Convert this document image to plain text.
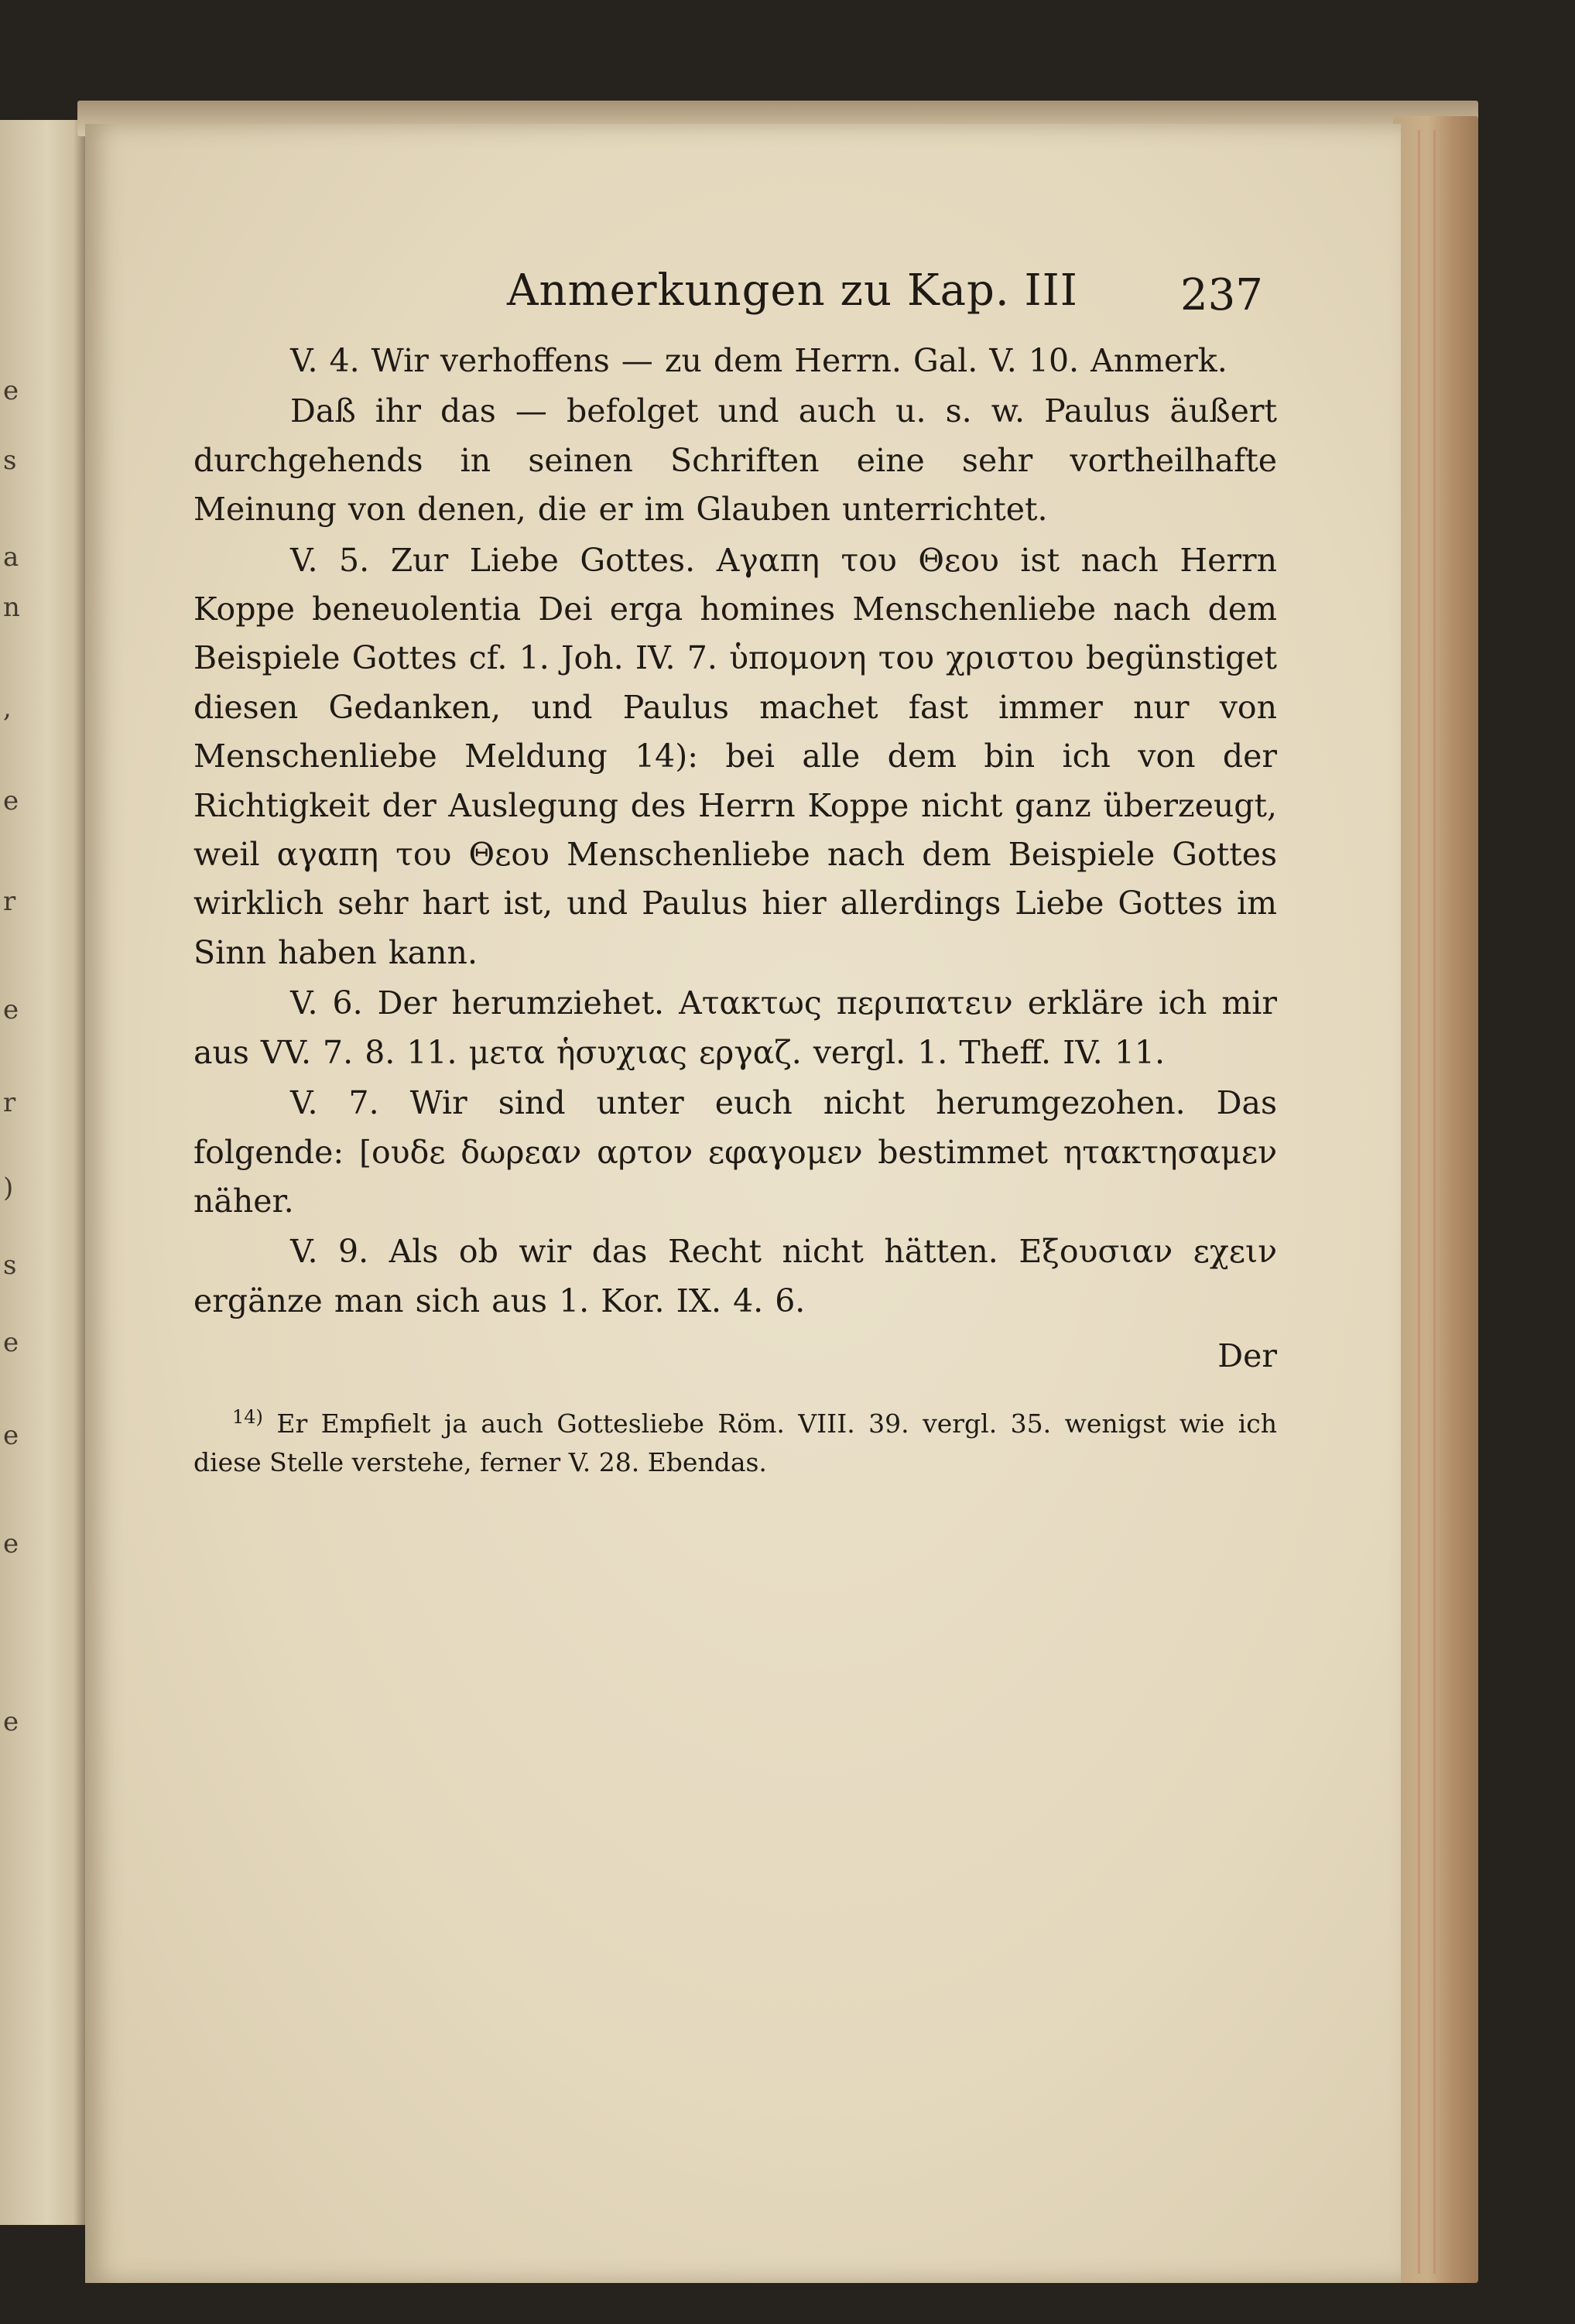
e
s
a
n
,
e
r
e
r
)
s
e
e
e
e
Anmerkungen zu Kap. III 237

V. 4. Wir verhoffens — zu dem Herrn. Gal. V. 10. Anmerk.

Daß ihr das — befolget und auch u. s. w. Paulus äußert durchgehends in seinen Schriften eine sehr vortheilhafte Meinung von denen, die er im Glauben unterrichtet.

V. 5. Zur Liebe Gottes. Αγαπη του Θεου ist nach Herrn Koppe beneuolentia Dei erga homines Menschenliebe nach dem Beispiele Gottes cf. 1. Joh. IV. 7. ὑπομονη του χριστου begünstiget diesen Gedanken, und Paulus machet fast immer nur von Menschenliebe Meldung 14): bei alle dem bin ich von der Richtigkeit der Auslegung des Herrn Koppe nicht ganz überzeugt, weil αγαπη του Θεου Menschenliebe nach dem Beispiele Gottes wirklich sehr hart ist, und Paulus hier allerdings Liebe Gottes im Sinn haben kann.

V. 6. Der herumziehet. Ατακτως περιπατειν erkläre ich mir aus VV. 7. 8. 11. μετα ἡσυχιας εργαζ. vergl. 1. Theff. IV. 11.

V. 7. Wir sind unter euch nicht herumgezohen. Das folgende: [ουδε δωρεαν αρτον εφαγομεν bestimmet ητακτησαμεν näher.

V. 9. Als ob wir das Recht nicht hätten. Εξουσιαν εχειν ergänze man sich aus 1. Kor. IX. 4. 6.

Der
$^{14)}$ Er Empfielt ja auch Gottesliebe Röm. VIII. 39. vergl. 35. wenigst wie ich diese Stelle verstehe, ferner V. 28. Ebendas.
